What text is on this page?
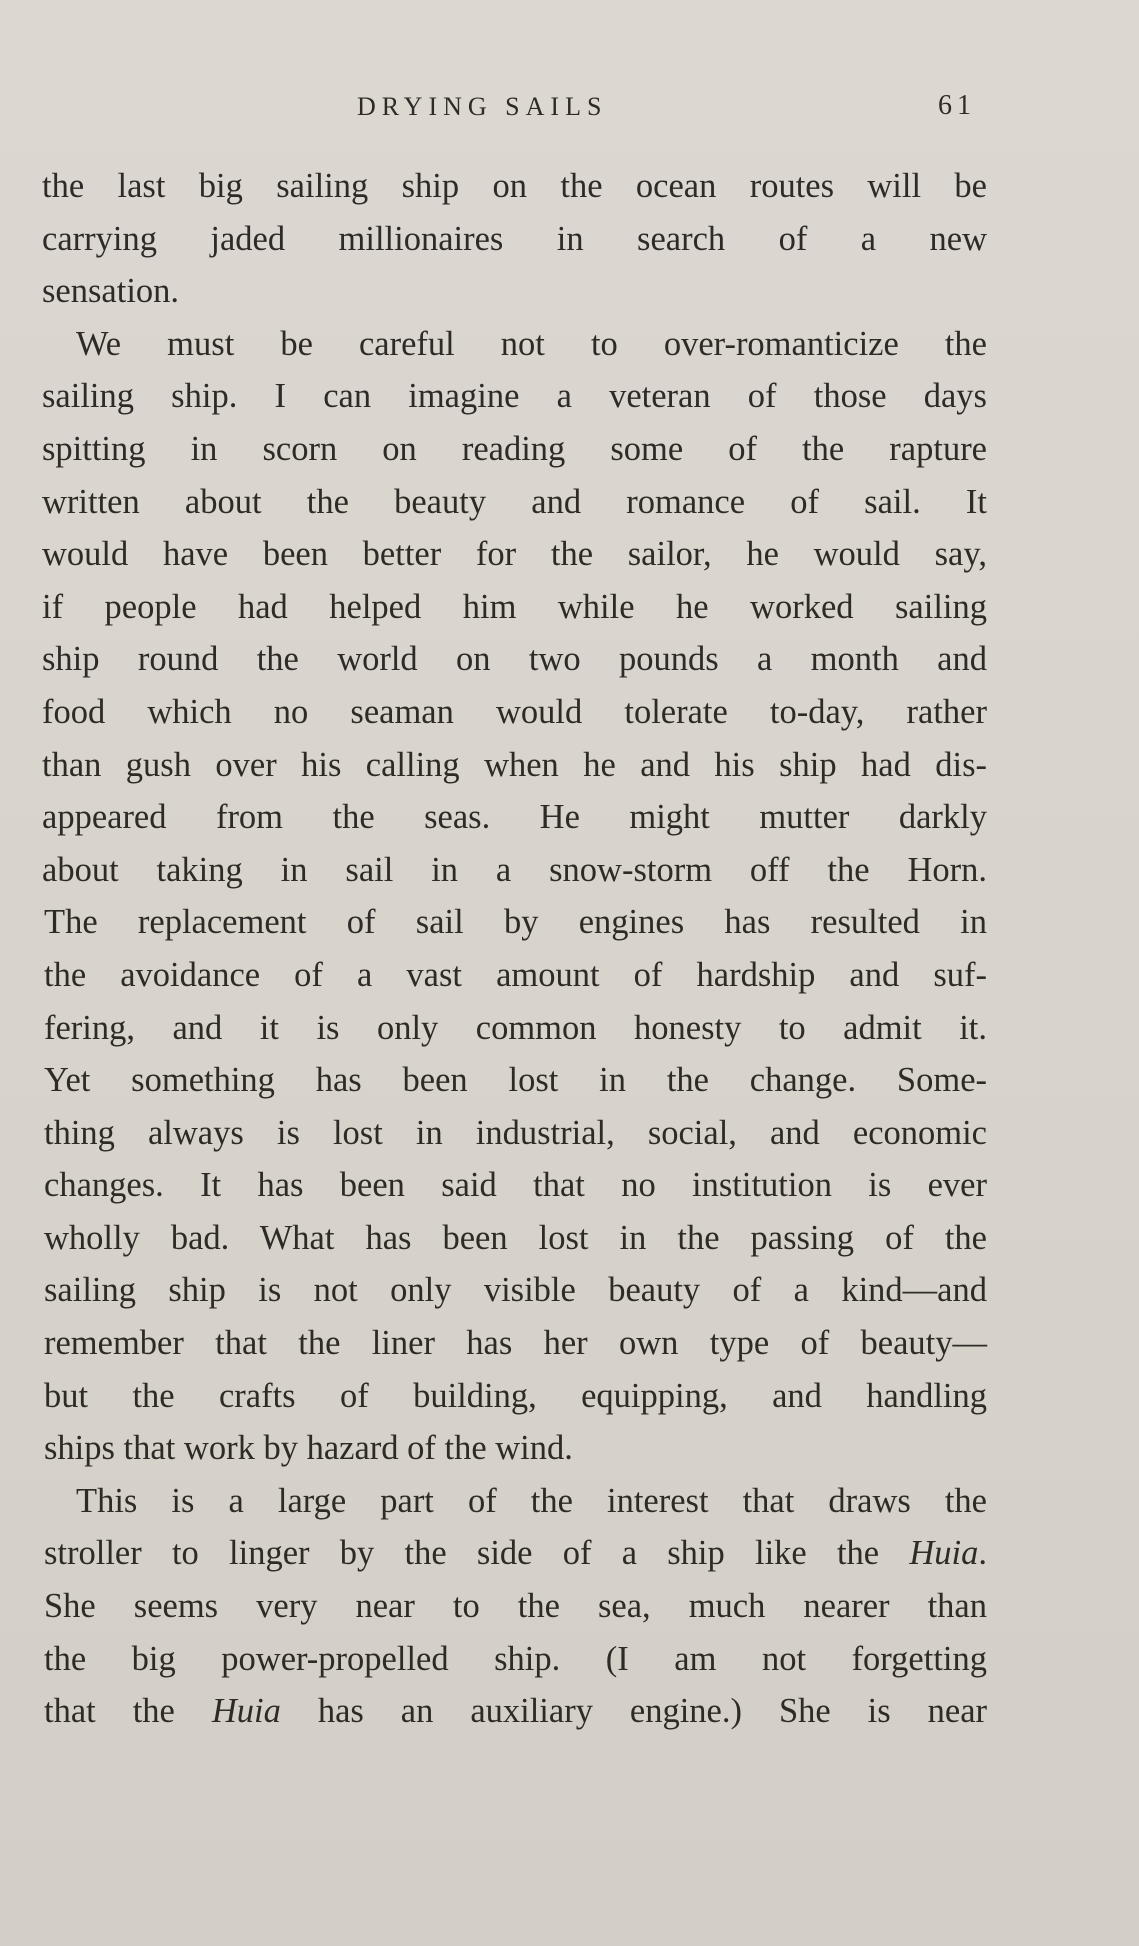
DRYING SAILS	61
the last big sailing ship on the ocean routes will be
carrying jaded millionaires in search of a new
sensation.
We must be careful not to over-romanticize the
sailing ship. I can imagine a veteran of those days
spitting in scorn on reading some of the rapture
written about the beauty and romance of sail. It
would have been better for the sailor, he would say,
if people had helped him while he worked sailing
ship round the world on two pounds a month and
food which no seaman would tolerate to-day, rather
than gush over his calling when he and his ship had dis-
appeared from the seas. He might mutter darkly
about taking in sail in a snow-storm off the Horn.
The replacement of sail by engines has resulted in
the avoidance of a vast amount of hardship and suf-
fering, and it is only common honesty to admit it.
Yet something has been lost in the change. Some-
thing always is lost in industrial, social, and economic
changes. It has been said that no institution is ever
wholly bad. What has been lost in the passing of the
sailing ship is not only visible beauty of a kind—and
remember that the liner has her own type of beauty—
but the crafts of building, equipping, and handling
ships that work by hazard of the wind.
This is a large part of the interest that draws the
stroller to linger by the side of a ship like the Huia.
She seems very near to the sea, much nearer than
the big power-propelled ship. (I am not forgetting
that the Huia has an auxiliary engine.) She is near
